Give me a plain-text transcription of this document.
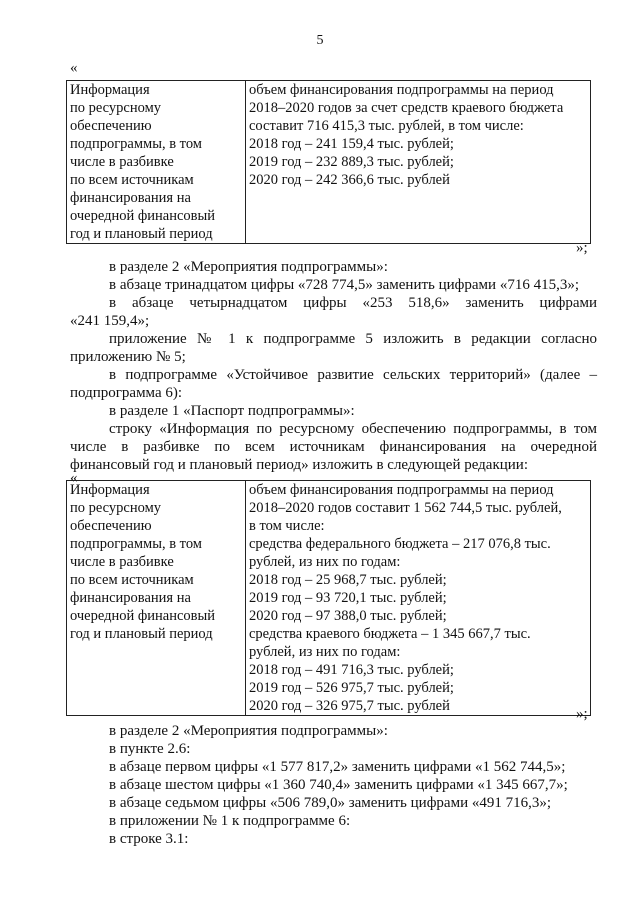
5
«
Информация
по ресурсному
обеспечению
подпрограммы, в том
числе в разбивке
по всем источникам
финансирования на
очередной финансовый
год и плановый период

объем финансирования подпрограммы на период
2018–2020 годов за счет средств краевого бюджета
составит 716 415,3 тыс. рублей, в том числе:
2018 год – 241 159,4 тыс. рублей;
2019 год – 232 889,3 тыс. рублей;
2020 год – 242 366,6 тыс. рублей
»;
в разделе 2 «Мероприятия подпрограммы»:
в абзаце тринадцатом цифры «728 774,5» заменить цифрами «716 415,3»;
в абзаце четырнадцатом цифры «253 518,6» заменить цифрами
«241 159,4»;
приложение № 1 к подпрограмме 5 изложить в редакции согласно
приложению № 5;
в подпрограмме «Устойчивое развитие сельских территорий» (далее –
подпрограмма 6):
в разделе 1 «Паспорт подпрограммы»:
строку «Информация по ресурсному обеспечению подпрограммы, в том
числе в разбивке по всем источникам финансирования на очередной
финансовый год и плановый период» изложить в следующей редакции:
«
Информация
по ресурсному
обеспечению
подпрограммы, в том
числе в разбивке
по всем источникам
финансирования на
очередной финансовый
год и плановый период

объем финансирования подпрограммы на период
2018–2020 годов составит 1 562 744,5 тыс. рублей,
в том числе:
средства федерального бюджета – 217 076,8 тыс.
рублей, из них по годам:
2018 год – 25 968,7 тыс. рублей;
2019 год – 93 720,1 тыс. рублей;
2020 год – 97 388,0 тыс. рублей;
средства краевого бюджета – 1 345 667,7 тыс.
рублей, из них по годам:
2018 год – 491 716,3 тыс. рублей;
2019 год – 526 975,7 тыс. рублей;
2020 год – 326 975,7 тыс. рублей	»;
в разделе 2 «Мероприятия подпрограммы»:
в пункте 2.6:
в абзаце первом цифры «1 577 817,2» заменить цифрами «1 562 744,5»;
в абзаце шестом цифры «1 360 740,4» заменить цифрами «1 345 667,7»;
в абзаце седьмом цифры «506 789,0» заменить цифрами «491 716,3»;
в приложении № 1 к подпрограмме 6:
в строке 3.1:
